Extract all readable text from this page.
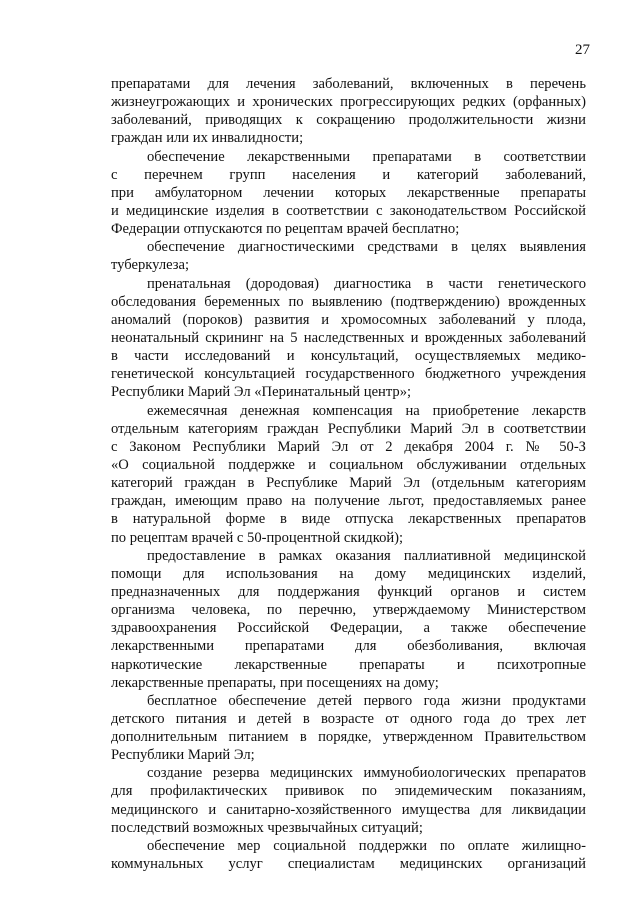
27
препаратами для лечения заболеваний, включенных в перечень
жизнеугрожающих и хронических прогрессирующих редких (орфанных)
заболеваний, приводящих к сокращению продолжительности жизни
граждан или их инвалидности;
обеспечение лекарственными препаратами в соответствии
с перечнем групп населения и категорий заболеваний,
при амбулаторном лечении которых лекарственные препараты
и медицинские изделия в соответствии с законодательством Российской
Федерации отпускаются по рецептам врачей бесплатно;
обеспечение диагностическими средствами в целях выявления
туберкулеза;
пренатальная (дородовая) диагностика в части генетического
обследования беременных по выявлению (подтверждению) врожденных
аномалий (пороков) развития и хромосомных заболеваний у плода,
неонатальный скрининг на 5 наследственных и врожденных заболеваний
в части исследований и консультаций, осуществляемых медико-
генетической консультацией государственного бюджетного учреждения
Республики Марий Эл «Перинатальный центр»;
ежемесячная денежная компенсация на приобретение лекарств
отдельным категориям граждан Республики Марий Эл в соответствии
с Законом Республики Марий Эл от 2 декабря 2004 г. № 50-З
«О социальной поддержке и социальном обслуживании отдельных
категорий граждан в Республике Марий Эл (отдельным категориям
граждан, имеющим право на получение льгот, предоставляемых ранее
в натуральной форме в виде отпуска лекарственных препаратов
по рецептам врачей с 50-процентной скидкой);
предоставление в рамках оказания паллиативной медицинской
помощи для использования на дому медицинских изделий,
предназначенных для поддержания функций органов и систем
организма человека, по перечню, утверждаемому Министерством
здравоохранения Российской Федерации, а также обеспечение
лекарственными препаратами для обезболивания, включая
наркотические лекарственные препараты и психотропные
лекарственные препараты, при посещениях на дому;
бесплатное обеспечение детей первого года жизни продуктами
детского питания и детей в возрасте от одного года до трех лет
дополнительным питанием в порядке, утвержденном Правительством
Республики Марий Эл;
создание резерва медицинских иммунобиологических препаратов
для профилактических прививок по эпидемическим показаниям,
медицинского и санитарно-хозяйственного имущества для ликвидации
последствий возможных чрезвычайных ситуаций;
обеспечение мер социальной поддержки по оплате жилищно-
коммунальных услуг специалистам медицинских организаций
